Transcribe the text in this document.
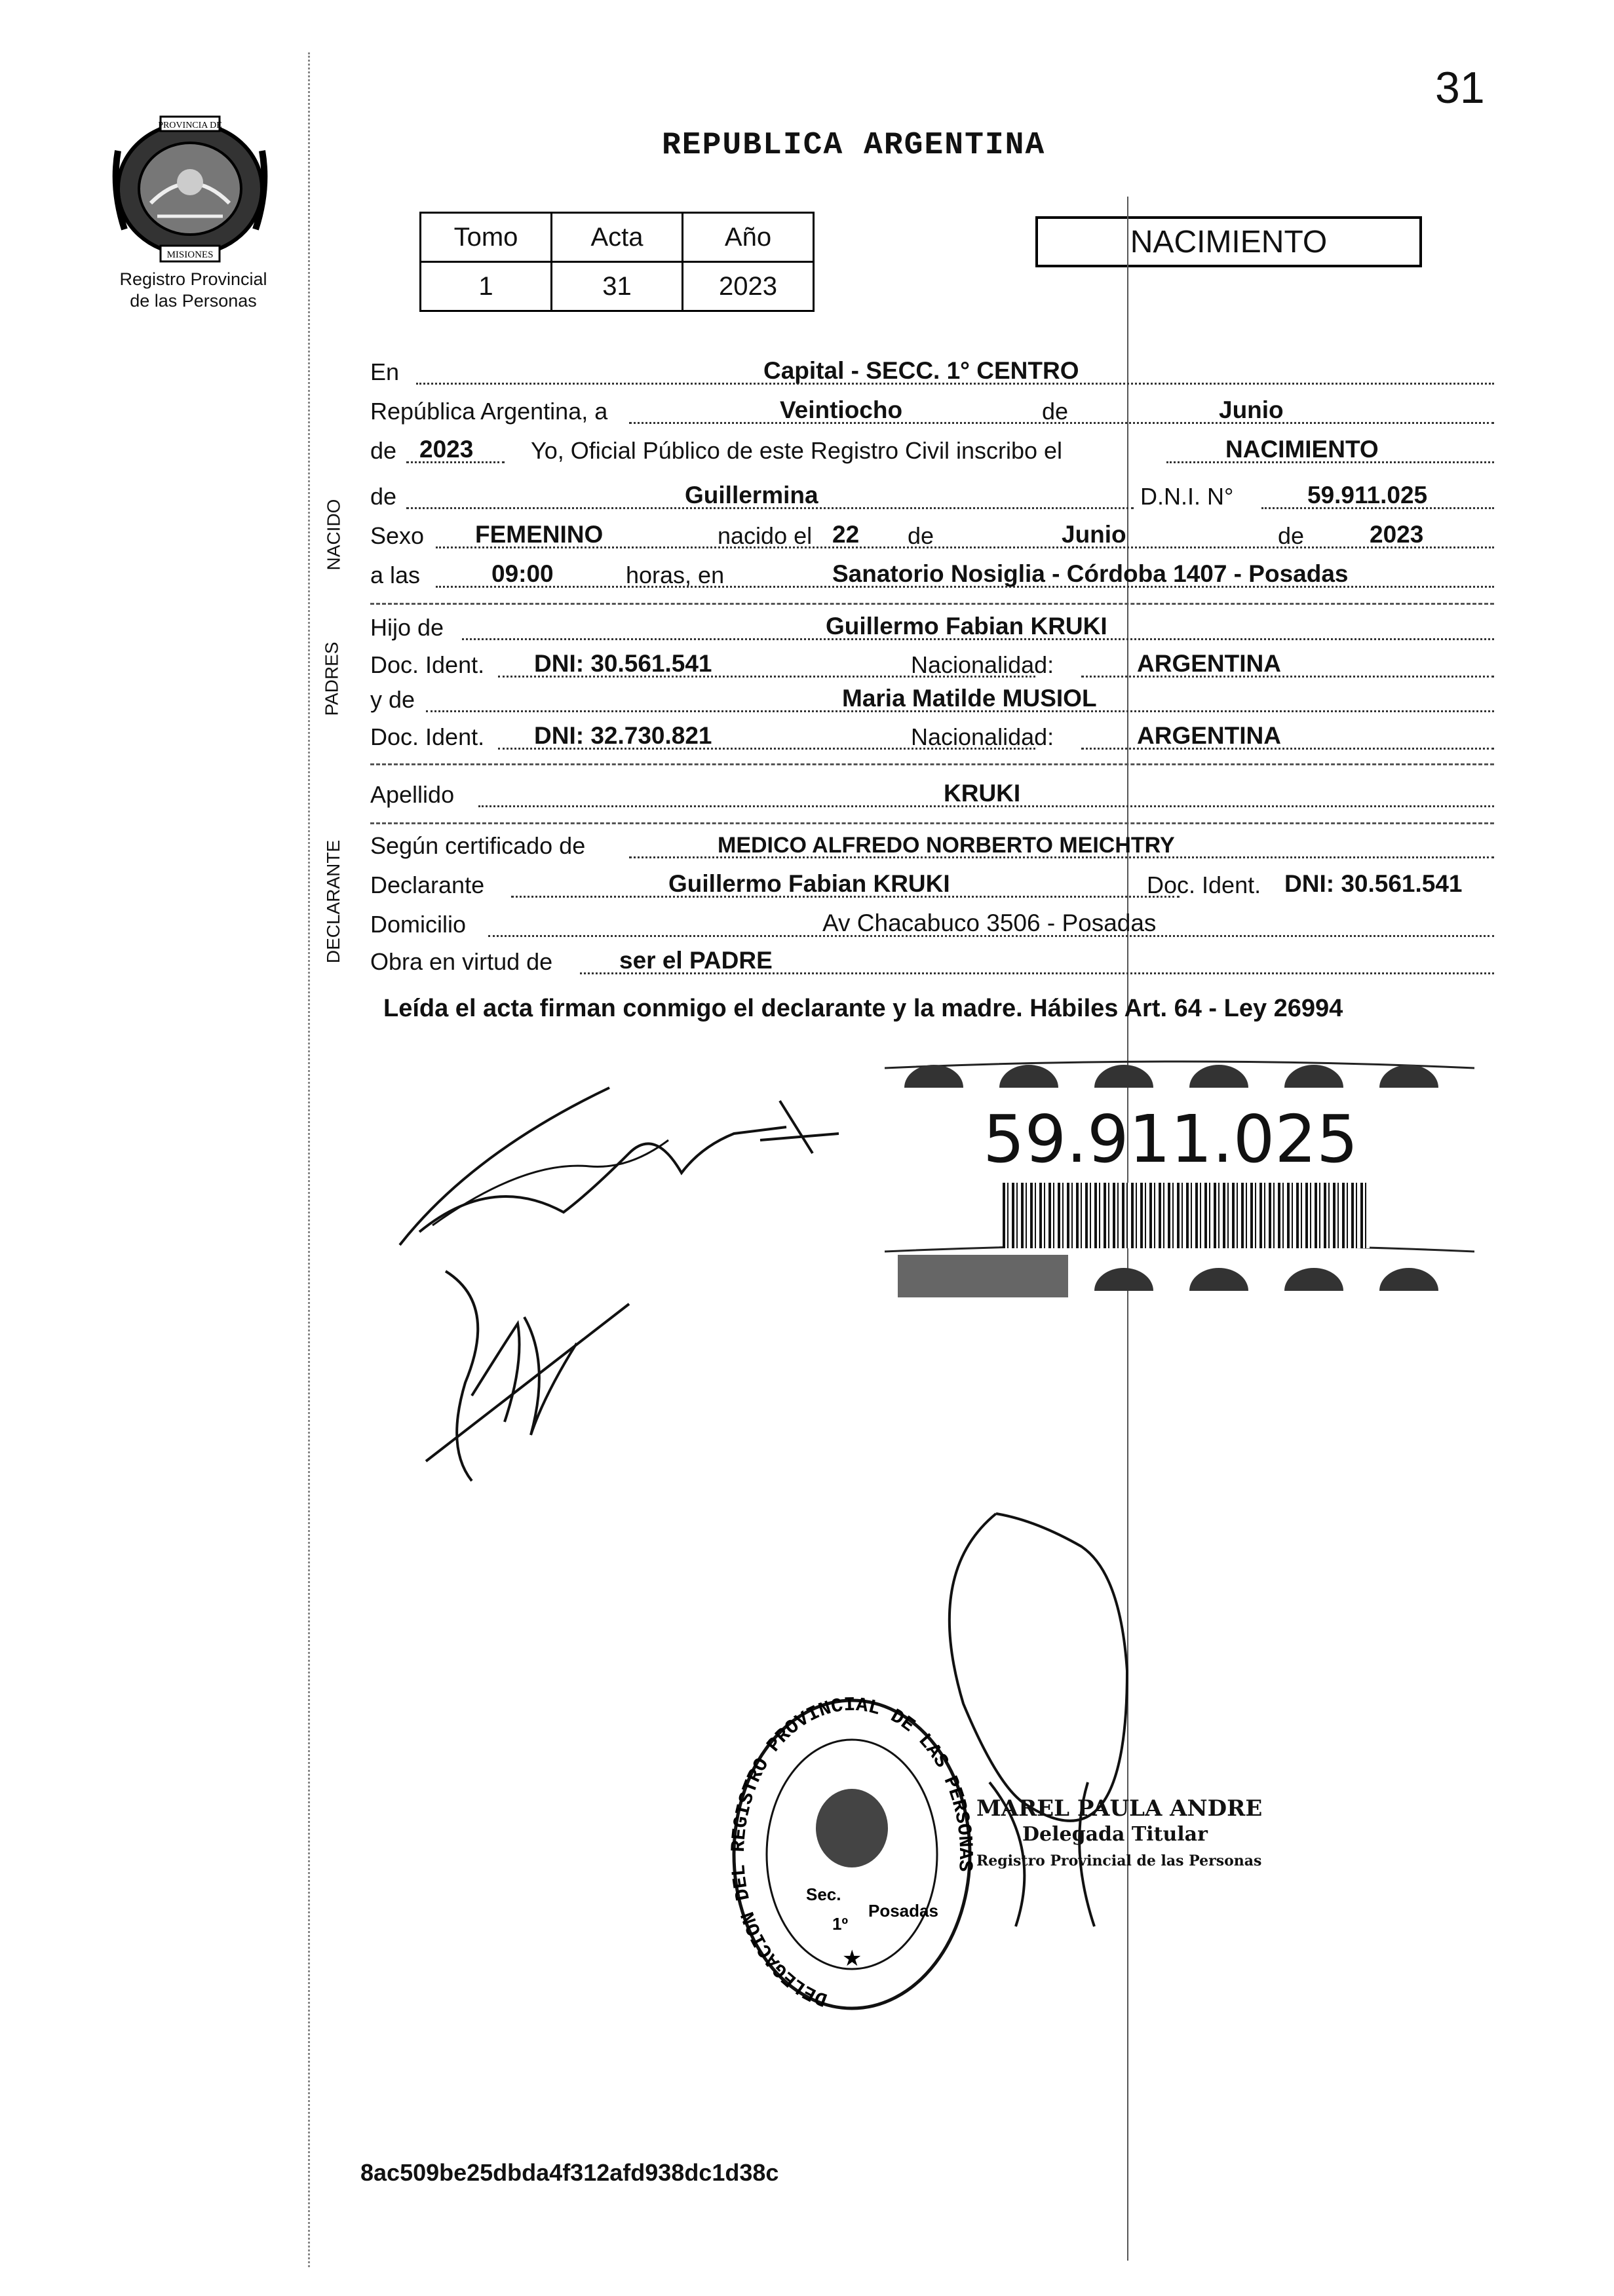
31
PROVINCIA DE
MISIONES
Registro Provincial
de las Personas
REPUBLICA ARGENTINA
Tomo	Acta	Año
1	31	2023
NACIMIENTO
NACIDO
PADRES
DECLARANTE
En	Capital - SECC. 1° CENTRO
República Argentina, a	Veintiocho	de	Junio
de 2023 Yo, Oficial Público de este Registro Civil inscribo el	NACIMIENTO
de	Guillermina	D.N.I. N°	59.911.025
Sexo FEMENINO	nacido el 22 de	Junio	de	2023
a las	09:00	horas, en	Sanatorio Nosiglia - Córdoba 1407 - Posadas
Hijo de	Guillermo Fabian KRUKI
Doc. Ident. DNI: 30.561.541	Nacionalidad:	ARGENTINA
y de	Maria Matilde MUSIOL
Doc. Ident. DNI: 32.730.821	Nacionalidad:	ARGENTINA
Apellido	KRUKI
Según certificado de	MEDICO ALFREDO NORBERTO MEICHTRY
Declarante	Guillermo Fabian KRUKI	Doc. Ident. DNI: 30.561.541
Domicilio	Av Chacabuco 3506 - Posadas
Obra en virtud de	ser el PADRE
Leída el acta firman conmigo el declarante y la madre. Hábiles Art. 64 - Ley 26994
59.911.025
DELEGACION DEL REGISTRO PROVINCIAL DE LAS PERSONAS
Sec.
1º
Posadas
★
MAREL PAULA ANDRE
Delegada Titular
Registro Provincial de las Personas
8ac509be25dbda4f312afd938dc1d38c
